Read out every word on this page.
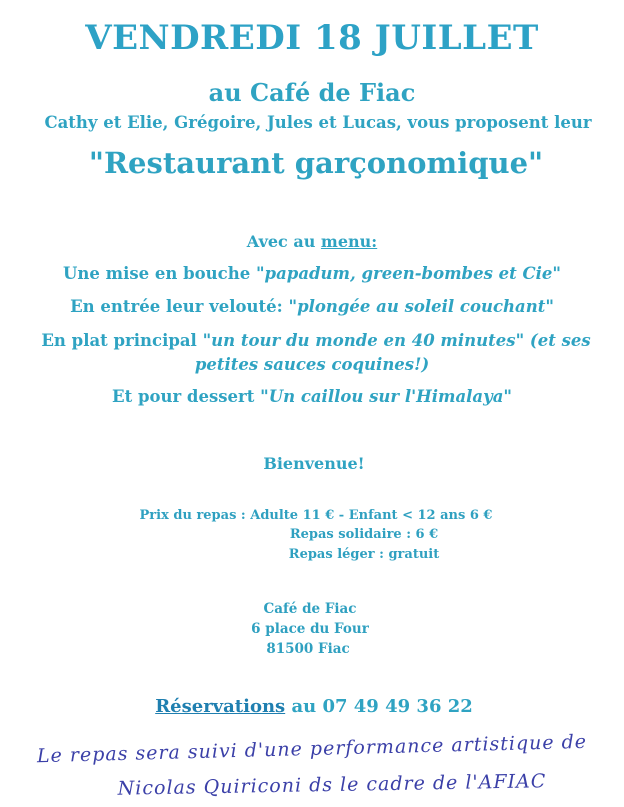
VENDREDI 18 JUILLET
au Café de Fiac
Cathy et Elie, Grégoire, Jules et Lucas, vous proposent leur
"Restaurant garçonomique"
Avec au menu:
Une mise en bouche "papadum, green-bombes et Cie"
En entrée leur velouté: "plongée au soleil couchant"
En plat principal "un tour du monde en 40 minutes" (et ses
petites sauces coquines!)
Et pour dessert "Un caillou sur l'Himalaya"
Bienvenue!
Prix du repas : Adulte 11 € - Enfant < 12 ans 6 €
Repas solidaire : 6 €
Repas léger : gratuit
Café de Fiac
6 place du Four
81500 Fiac
Réservations au 07 49 49 36 22
Le repas sera suivi d'une performance artistique de
Nicolas Quiriconi ds le cadre de l'AFIAC
